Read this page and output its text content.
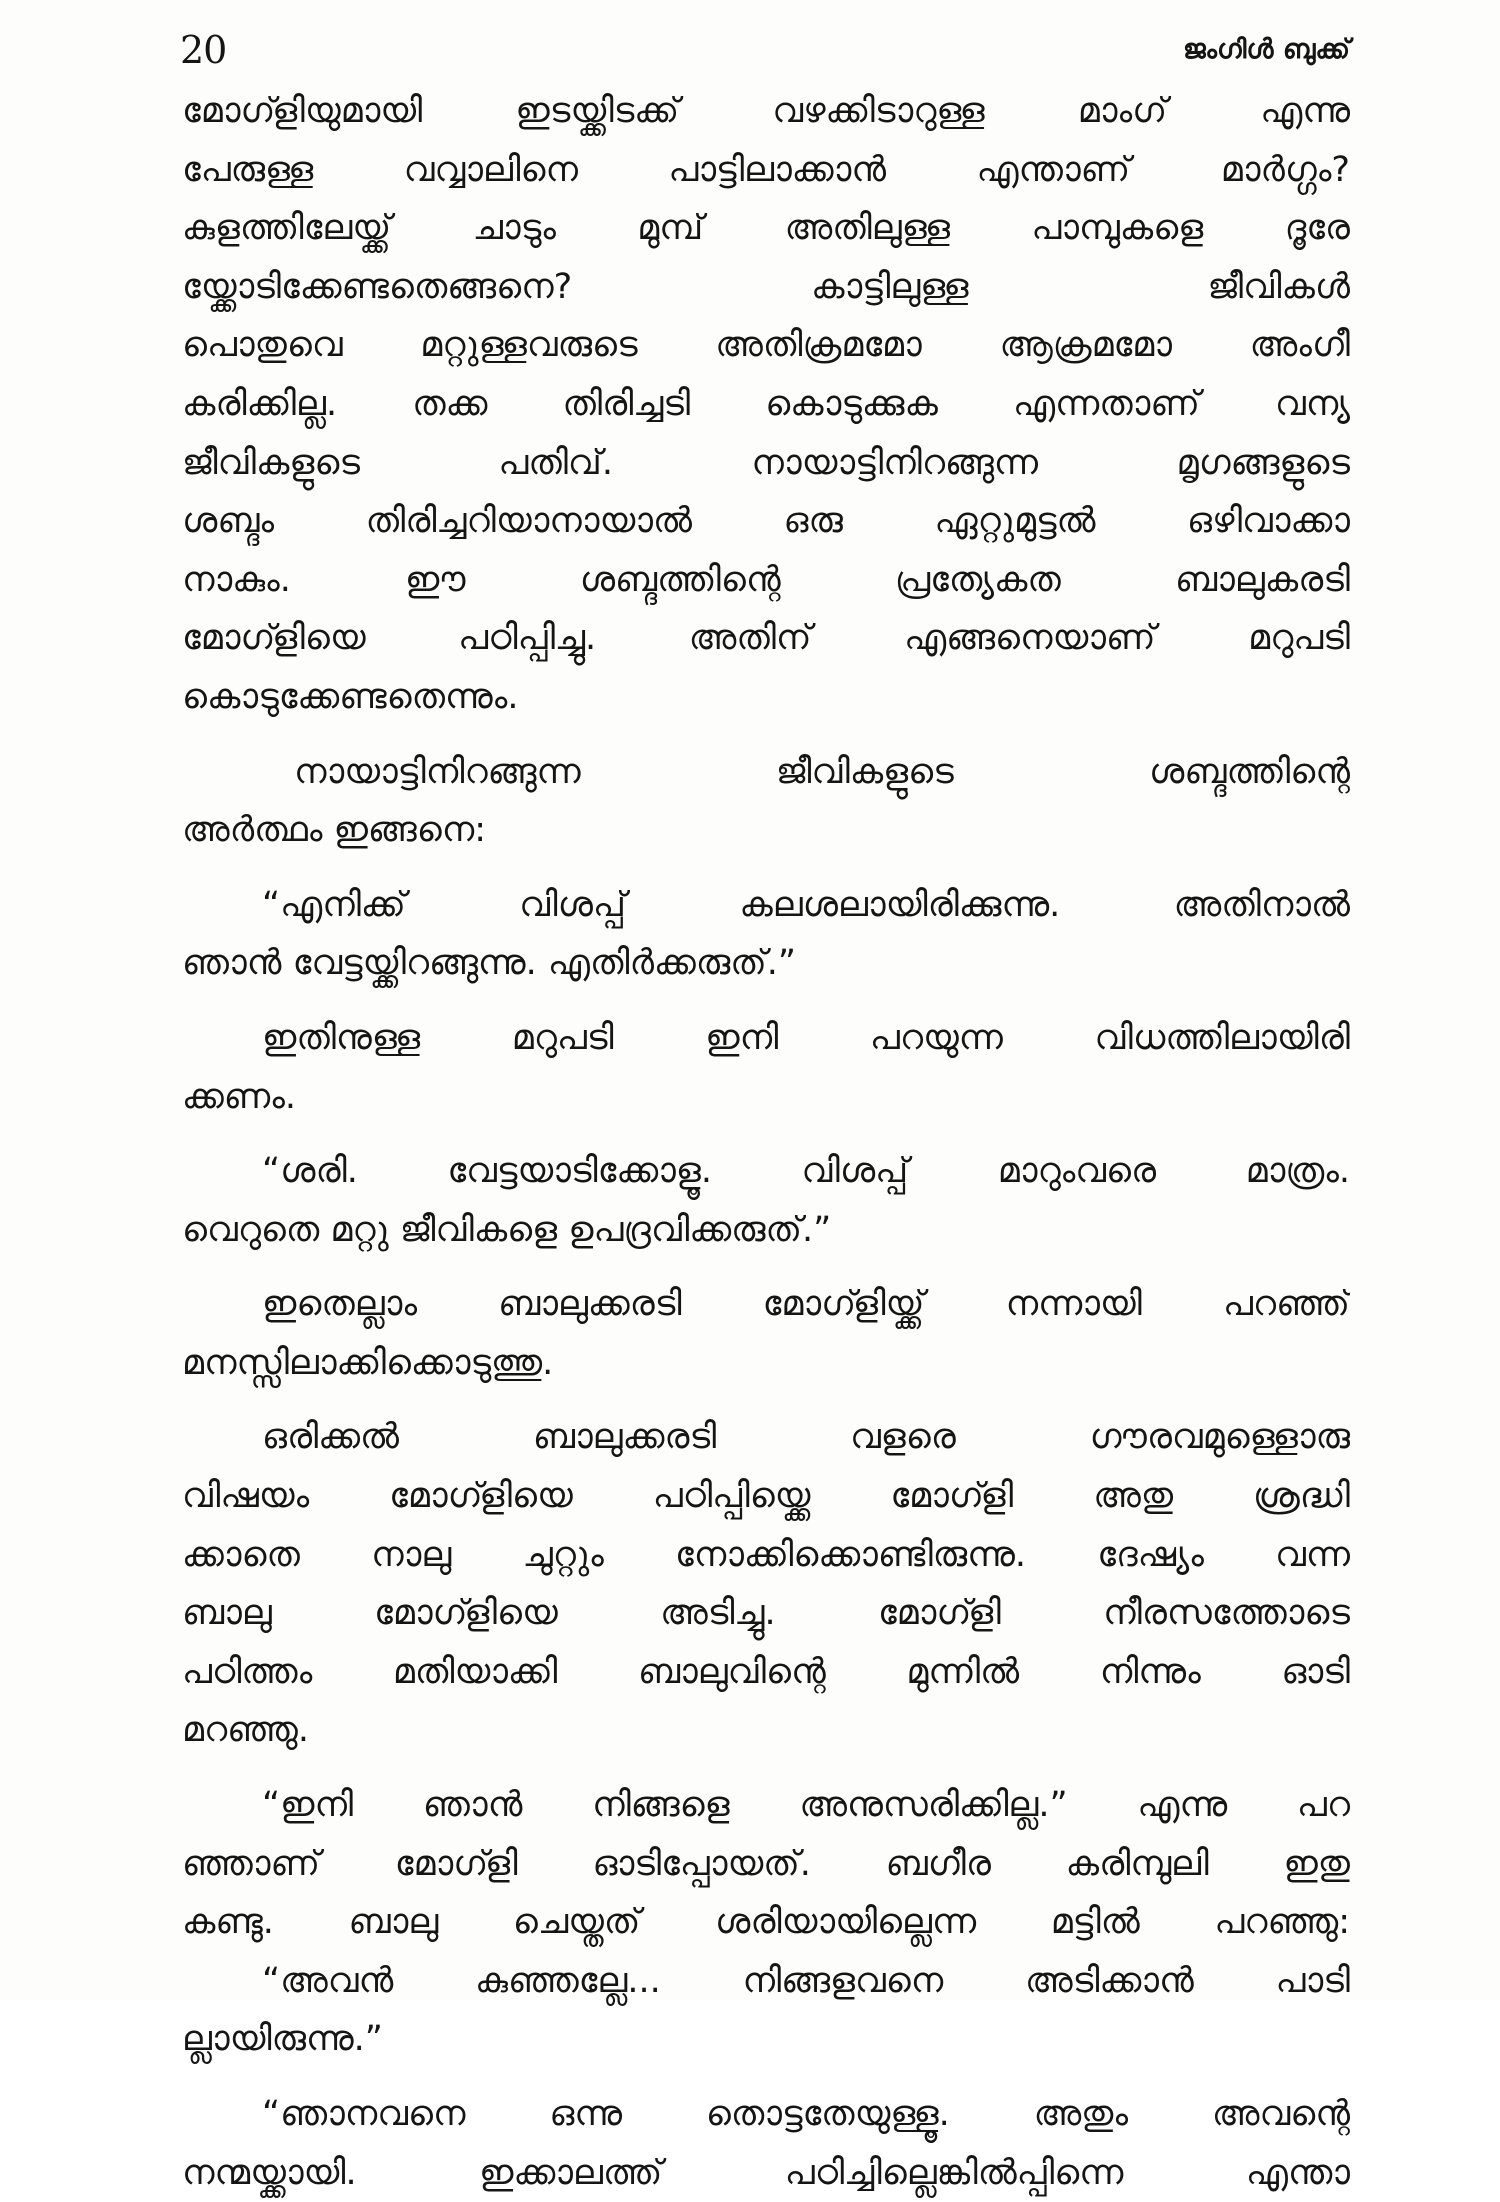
20	ജംഗിൾ ബുക്ക്
മോഗ്ളിയുമായി ഇടയ്ക്കിടക്ക് വഴക്കിടാറുള്ള മാംഗ് എന്നു
പേരുള്ള വവ്വാലിനെ പാട്ടിലാക്കാൻ എന്താണ് മാർഗ്ഗം?
കുളത്തിലേയ്ക്ക് ചാടും മുമ്പ് അതിലുള്ള പാമ്പുകളെ ദൂരേ
യ്ക്കോടിക്കേണ്ടതെങ്ങനെ? കാട്ടിലുള്ള ജീവികൾ
പൊതുവെ മറ്റുള്ളവരുടെ അതിക്രമമോ ആക്രമമോ അംഗീ
കരിക്കില്ല. തക്ക തിരിച്ചടി കൊടുക്കുക എന്നതാണ് വന്യ
ജീവികളുടെ പതിവ്. നായാട്ടിനിറങ്ങുന്ന മൃഗങ്ങളുടെ
ശബ്ദം തിരിച്ചറിയാനായാൽ ഒരു ഏറ്റുമുട്ടൽ ഒഴിവാക്കാ
നാകും. ഈ ശബ്ദത്തിന്റെ പ്രത്യേകത ബാലുകരടി
മോഗ്ളിയെ പഠിപ്പിച്ചു. അതിന് എങ്ങനെയാണ് മറുപടി
കൊടുക്കേണ്ടതെന്നും.
നായാട്ടിനിറങ്ങുന്ന ജീവികളുടെ ശബ്ദത്തിന്റെ
അർത്ഥം ഇങ്ങനെ:
“എനിക്ക് വിശപ്പ് കലശലായിരിക്കുന്നു. അതിനാൽ
ഞാൻ വേട്ടയ്ക്കിറങ്ങുന്നു. എതിർക്കരുത്.”
ഇതിനുള്ള മറുപടി ഇനി പറയുന്ന വിധത്തിലായിരി
ക്കണം.
“ശരി. വേട്ടയാടിക്കോളൂ. വിശപ്പ് മാറുംവരെ മാത്രം.
വെറുതെ മറ്റു ജീവികളെ ഉപദ്രവിക്കരുത്.”
ഇതെല്ലാം ബാലുക്കരടി മോഗ്ളിയ്ക്ക് നന്നായി പറഞ്ഞ്
മനസ്സിലാക്കിക്കൊടുത്തു.
ഒരിക്കൽ ബാലുക്കരടി വളരെ ഗൗരവമുള്ളൊരു
വിഷയം മോഗ്ളിയെ പഠിപ്പിയ്ക്കെ മോഗ്ളി അതു ശ്രദ്ധി
ക്കാതെ നാലു ചുറ്റും നോക്കിക്കൊണ്ടിരുന്നു. ദേഷ്യം വന്ന
ബാലു മോഗ്ളിയെ അടിച്ചു. മോഗ്ളി നീരസത്തോടെ
പഠിത്തം മതിയാക്കി ബാലുവിന്റെ മുന്നിൽ നിന്നും ഓടി
മറഞ്ഞു.
“ഇനി ഞാൻ നിങ്ങളെ അനുസരിക്കില്ല.” എന്നു പറ
ഞ്ഞാണ് മോഗ്ളി ഓടിപ്പോയത്. ബഗീര കരിമ്പുലി ഇതു
കണ്ടു. ബാലു ചെയ്തത് ശരിയായില്ലെന്ന മട്ടിൽ പറഞ്ഞു:
“അവൻ കുഞ്ഞല്ലേ... നിങ്ങളവനെ അടിക്കാൻ പാടി
ല്ലായിരുന്നു.”
“ഞാനവനെ ഒന്നു തൊട്ടതേയുള്ളൂ. അതും അവന്റെ
നന്മയ്ക്കായി. ഇക്കാലത്ത് പഠിച്ചില്ലെങ്കിൽപ്പിന്നെ എന്താ
